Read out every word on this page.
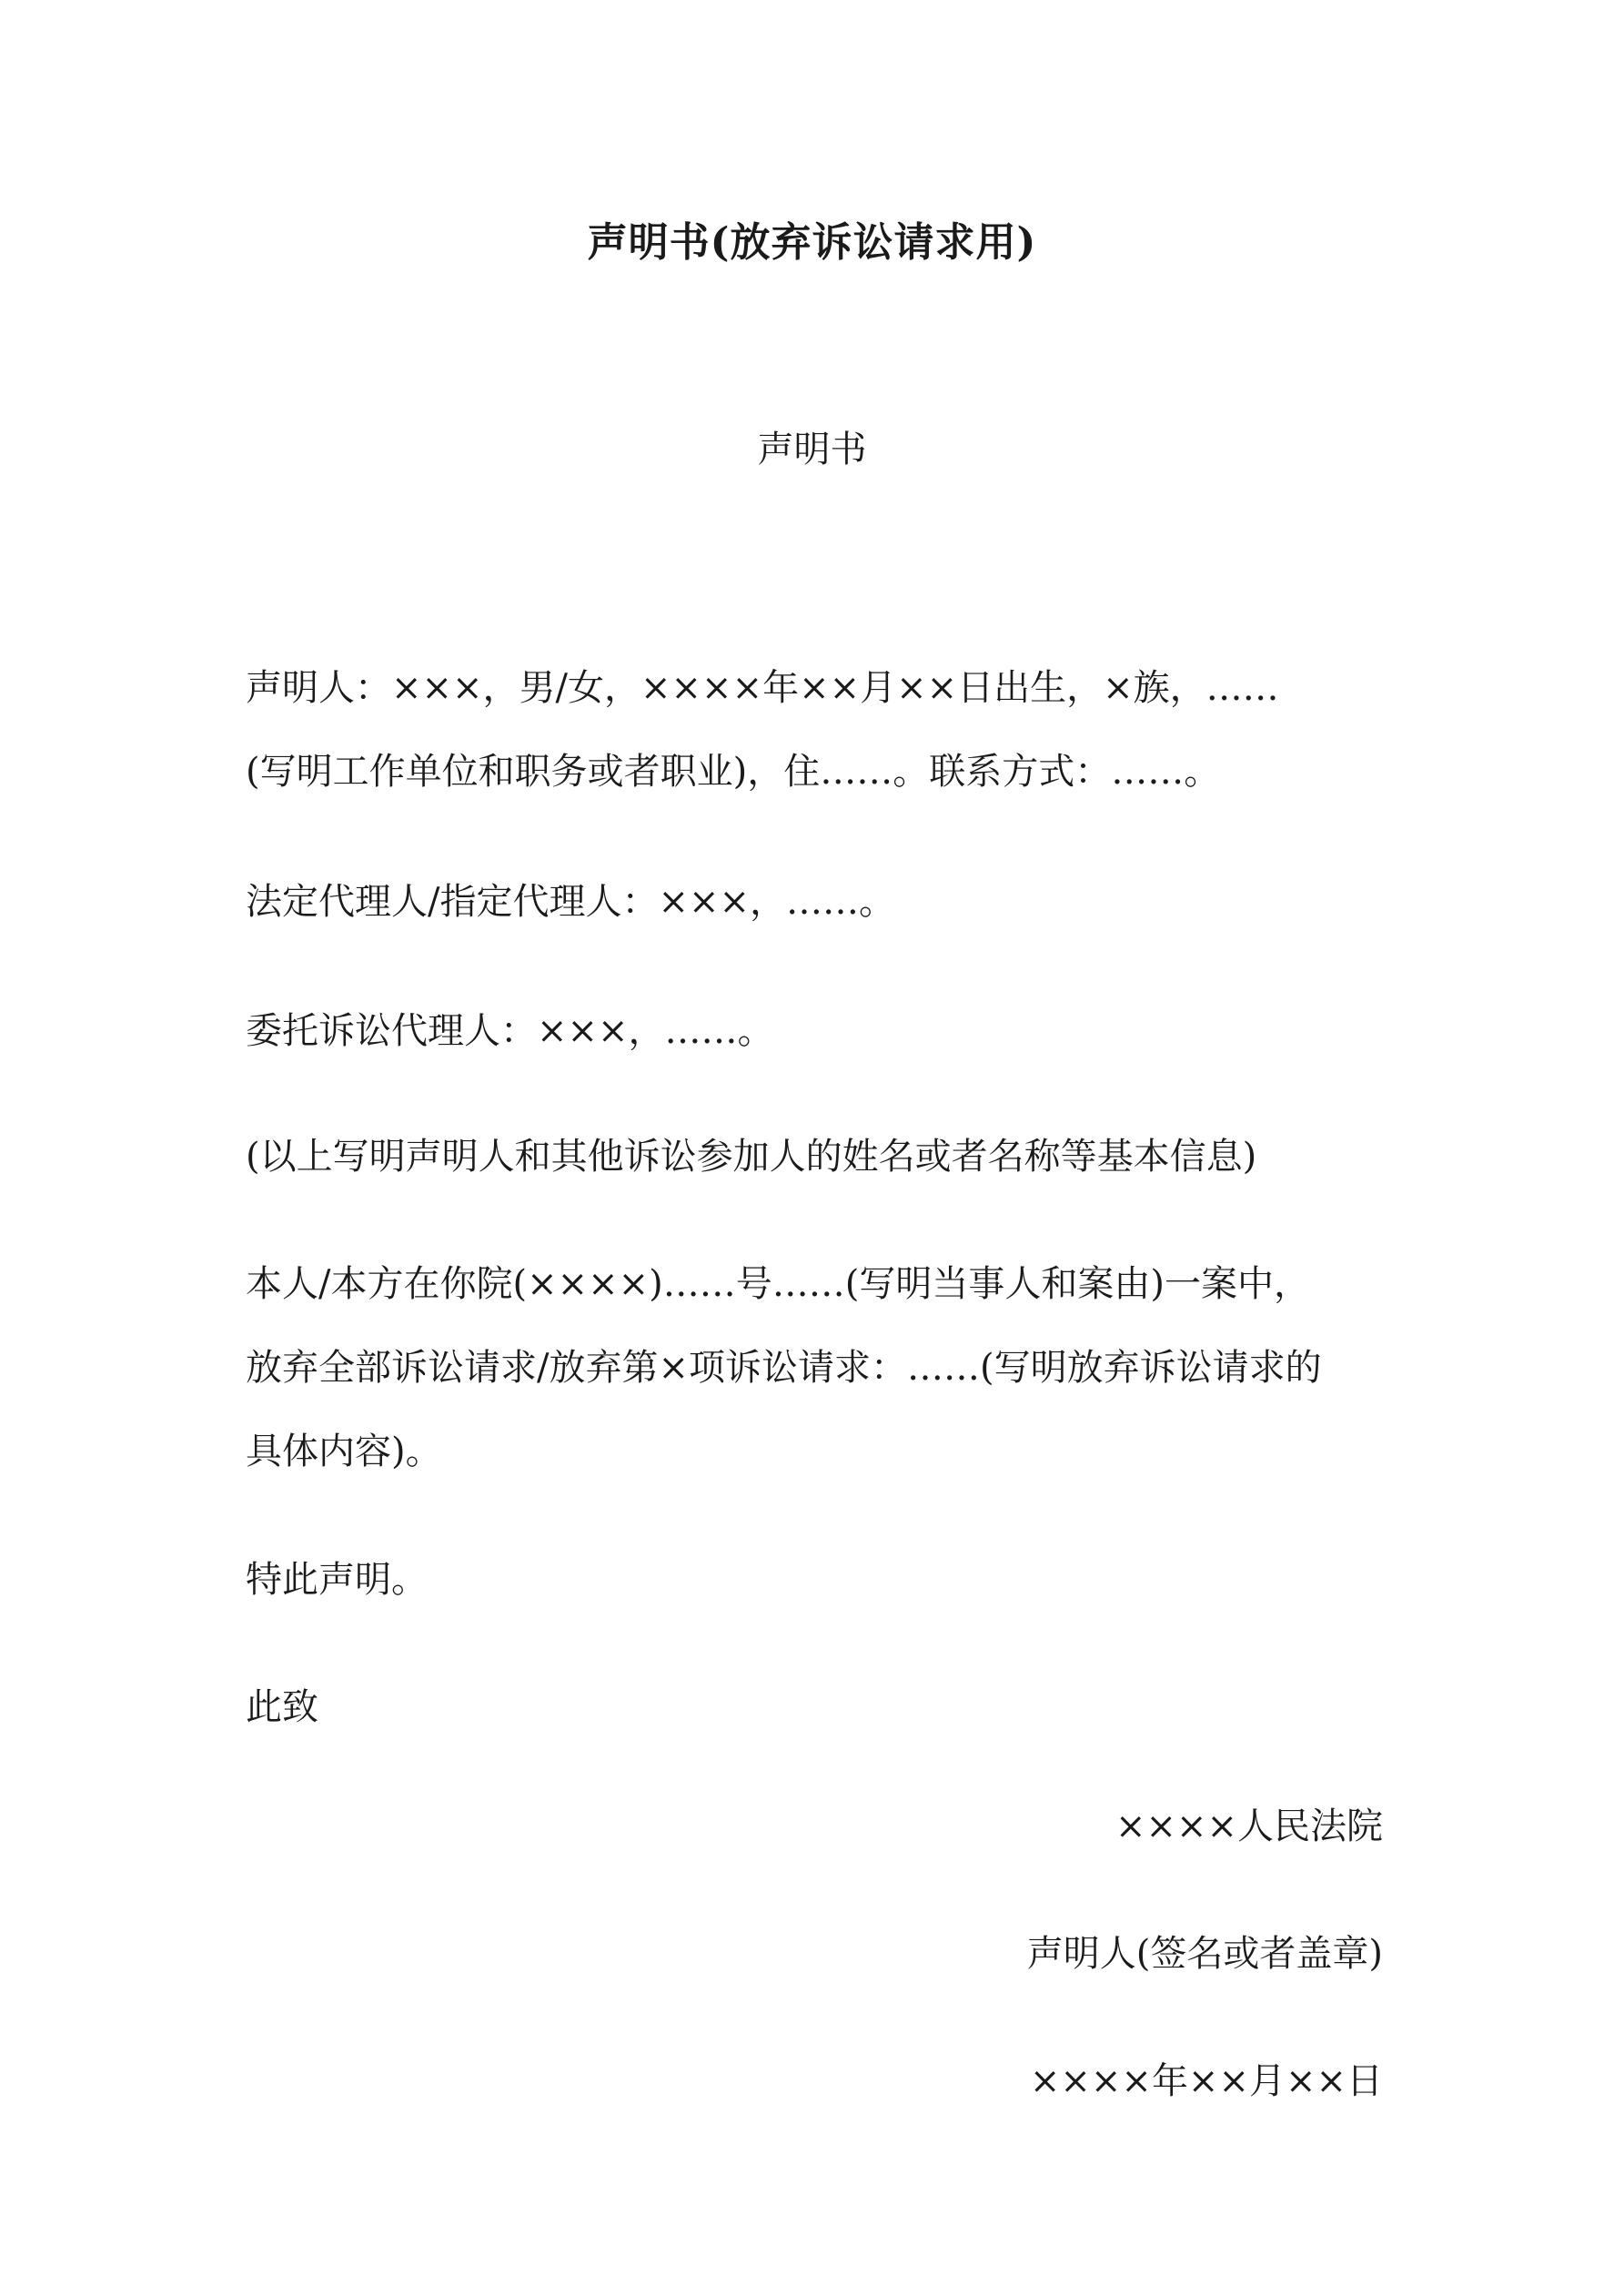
声明书(放弃诉讼请求用)
声明书
声明人：×××，男/女，××××年××月××日出生，×族，……
(写明工作单位和职务或者职业)，住……。联系方式：……。
法定代理人/指定代理人：×××，……。
委托诉讼代理人：×××，……。
(以上写明声明人和其他诉讼参加人的姓名或者名称等基本信息)
本人/本方在你院(××××)……号……(写明当事人和案由)一案中，
放弃全部诉讼请求/放弃第×项诉讼请求：……(写明放弃诉讼请求的
具体内容)。
特此声明。
此致
××××人民法院
声明人(签名或者盖章)
××××年××月××日
